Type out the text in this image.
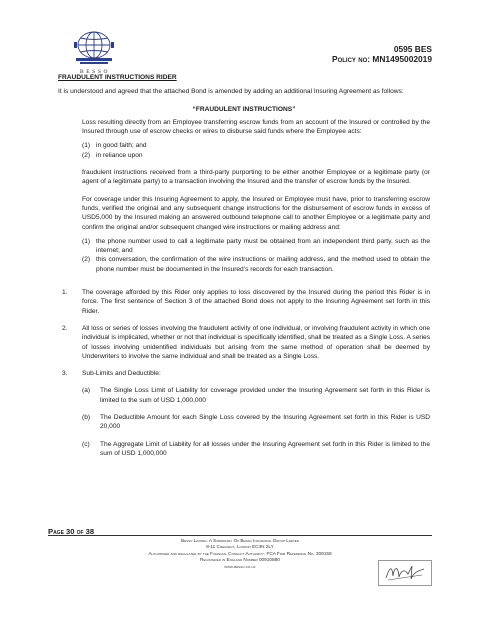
BESSO
0595 BES
Policy no: MN1495002019
FRAUDULENT INSTRUCTIONS RIDER
It is understood and agreed that the attached Bond is amended by adding an additional Insuring Agreement as follows:
“FRAUDULENT INSTRUCTIONS”
Loss resulting directly from an Employee transferring escrow funds from an account of the Insured or controlled by the Insured through use of escrow checks or wires to disburse said funds where the Employee acts:
(1) in good faith; and
(2) in reliance upon
fraudulent instructions received from a third-party purporting to be either another Employee or a legitimate party (or agent of a legitimate party) to a transaction involving the Insured and the transfer of escrow funds by the Insured.
For coverage under this Insuring Agreement to apply, the Insured or Employee must have, prior to transferring escrow funds, verified the original and any subsequent change instructions for the disbursement of escrow funds in excess of USD5,000 by the Insured making an answered outbound telephone call to another Employee or a legitimate party and confirm the original and/or subsequent changed wire instructions or mailing address and:
(1) the phone number used to call a legitimate party must be obtained from an independent third party, such as the internet; and
(2) this conversation, the confirmation of the wire instructions or mailing address, and the method used to obtain the phone number must be documented in the Insured’s records for each transaction.
1. The coverage afforded by this Rider only applies to loss discovered by the Insured during the period this Rider is in force. The first sentence of Section 3 of the attached Bond does not apply to the Insuring Agreement set forth in this Rider.
2. All loss or series of losses involving the fraudulent activity of one individual, or involving fraudulent activity in which one individual is implicated, whether or not that individual is specifically identified, shall be treated as a Single Loss. A series of losses involving unidentified individuals but arising from the same method of operation shall be deemed by Underwriters to involve the same individual and shall be treated as a Single Loss.
3. Sub-Limits and Deductible:
(a) The Single Loss Limit of Liability for coverage provided under the Insuring Agreement set forth in this Rider is limited to the sum of USD 1,000,000
(b) The Deductible Amount for each Single Loss covered by the Insuring Agreement set forth in this Rider is USD 20,000
(c) The Aggregate Limit of Liability for all losses under the Insuring Agreement set forth in this Rider is limited to the sum of USD 1,000,000
Page 30 of 38
Besso Limited. A Subsidiary Of Besso Insurance Group Limited
8-11 Crescent, London EC3N 2LY
Authorised and regulated by the Financial Conduct Authority. FCA Firm Reference No. 309159
Registered in England Number 00910880
www.besso.co.uk
